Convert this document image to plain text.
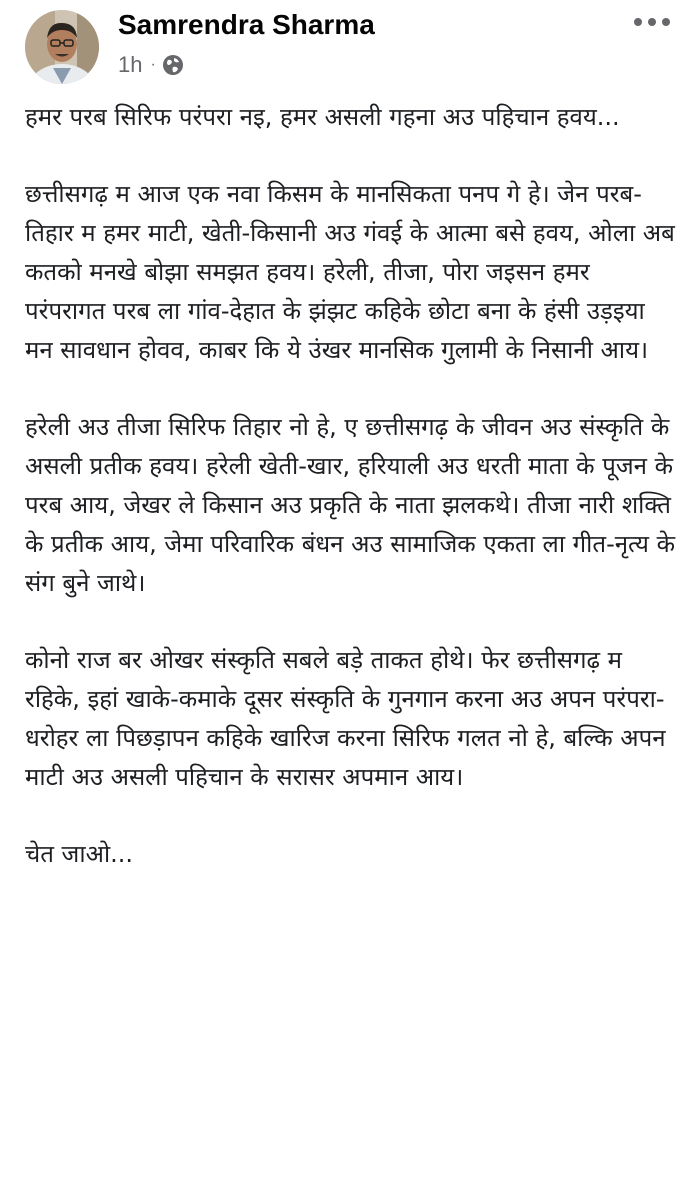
Samrendra Sharma
1h ·

हमर परब सिरिफ परंपरा नइ, हमर असली गहना अउ पहिचान हवय...

छत्तीसगढ़ म आज एक नवा किसम के मानसिकता पनप गे हे। जेन परब-तिहार म हमर माटी, खेती-किसानी अउ गंवई के आत्मा बसे हवय, ओला अब कतको मनखे बोझा समझत हवय। हरेली, तीजा, पोरा जइसन हमर परंपरागत परब ला गांव-देहात के झंझट कहिके छोटा बना के हंसी उड़इया मन सावधान होवव, काबर कि ये उंखर मानसिक गुलामी के निसानी आय।

हरेली अउ तीजा सिरिफ तिहार नो हे, ए छत्तीसगढ़ के जीवन अउ संस्कृति के असली प्रतीक हवय। हरेली खेती-खार, हरियाली अउ धरती माता के पूजन के परब आय, जेखर ले किसान अउ प्रकृति के नाता झलकथे। तीजा नारी शक्ति के प्रतीक आय, जेमा परिवारिक बंधन अउ सामाजिक एकता ला गीत-नृत्य के संग बुने जाथे।

कोनो राज बर ओखर संस्कृति सबले बड़े ताकत होथे। फेर छत्तीसगढ़ म रहिके, इहां खाके-कमाके दूसर संस्कृति के गुनगान करना अउ अपन परंपरा-धरोहर ला पिछड़ापन कहिके खारिज करना सिरिफ गलत नो हे, बल्कि अपन माटी अउ असली पहिचान के सरासर अपमान आय।

चेत जाओ...
